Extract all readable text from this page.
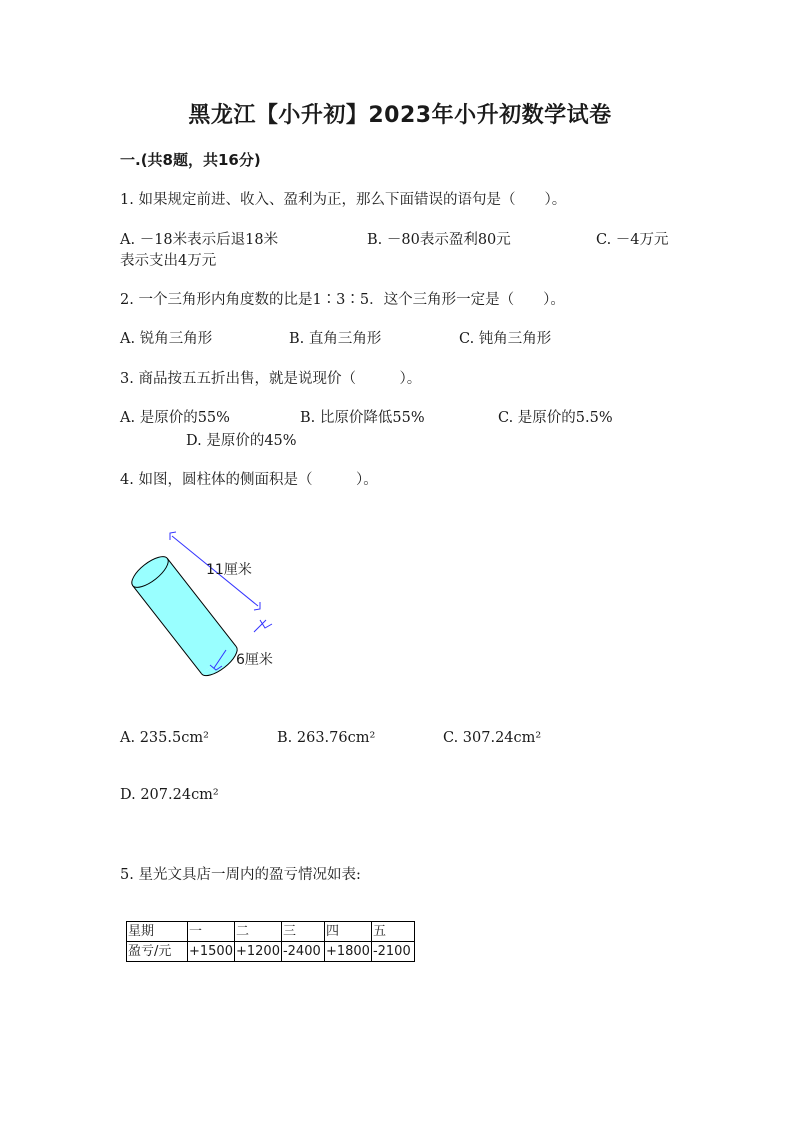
黑龙江【小升初】2023年小升初数学试卷
一.(共8题，共16分)
1. 如果规定前进、收入、盈利为正，那么下面错误的语句是（　　）。
A. －18米表示后退18米	B. －80表示盈利80元	C. －4万元
表示支出4万元
2. 一个三角形内角度数的比是1∶3∶5．这个三角形一定是（　　）。
A. 锐角三角形	B. 直角三角形	C. 钝角三角形
3. 商品按五五折出售，就是说现价（　　　）。
A. 是原价的55%	B. 比原价降低55%	C. 是原价的5.5%
D. 是原价的45%
4. 如图，圆柱体的侧面积是（　　　）。
11厘米
6厘米
A. 235.5cm²	B. 263.76cm²	C. 307.24cm²
D. 207.24cm²
5. 星光文具店一周内的盈亏情况如表:
星期	一	二	三	四	五
盈亏/元	+1500	+1200	-2400	+1800	-2100
